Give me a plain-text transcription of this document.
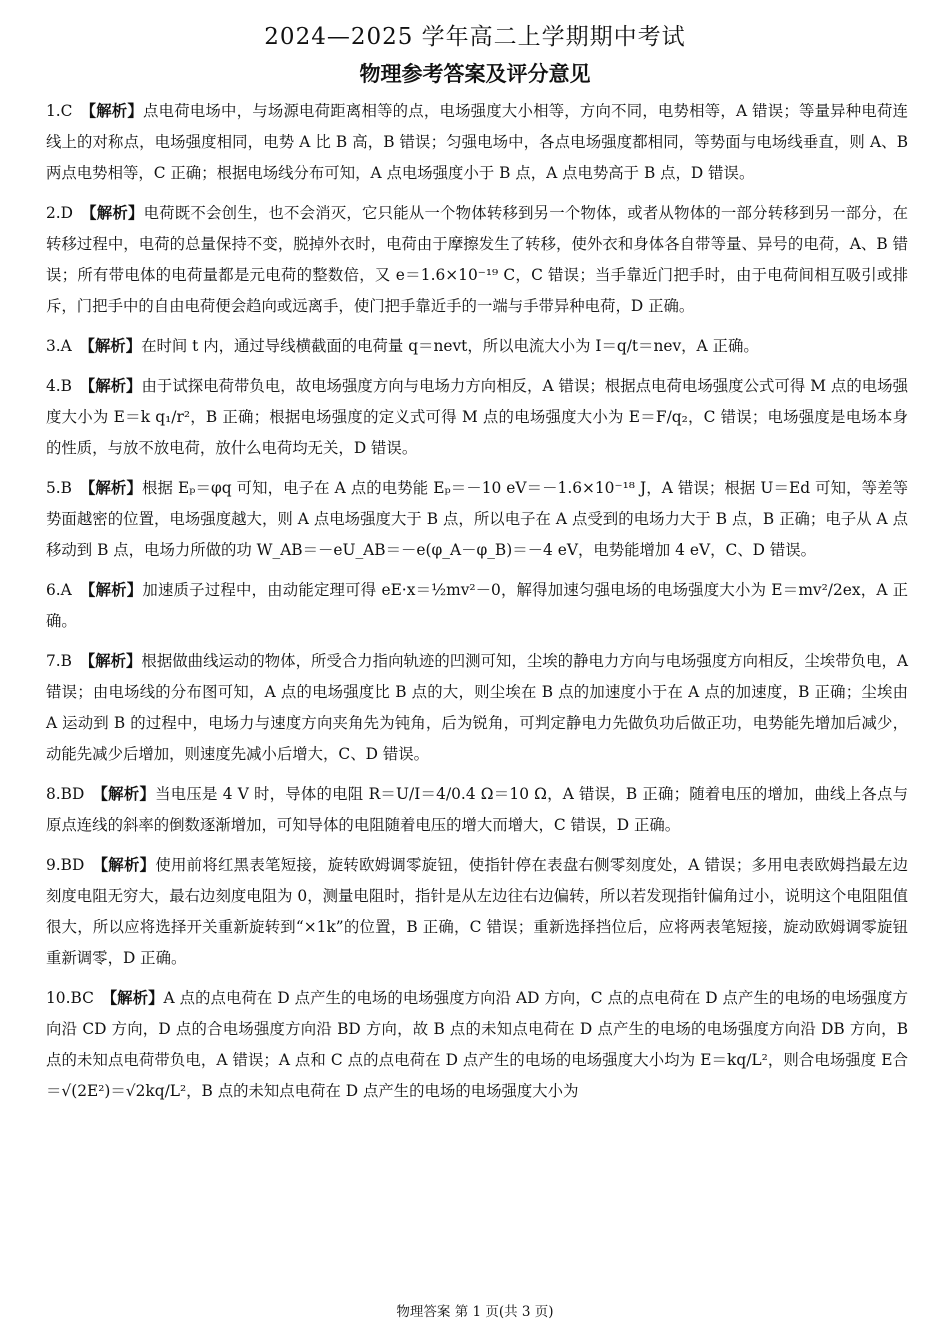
2024—2025 学年高二上学期期中考试
物理参考答案及评分意见

1.C　 【解析】点电荷电场中，与场源电荷距离相等的点，电场强度大小相等，方向不同，电势相等，A 错误；等量异种电荷连线上的对称点，电场强度相同，电势 A 比 B 高，B 错误；匀强电场中，各点电场强度都相同，等势面与电场线垂直，则 A、B 两点电势相等，C 正确；根据电场线分布可知，A 点电场强度小于 B 点，A 点电势高于 B 点，D 错误。

2.D　 【解析】电荷既不会创生，也不会消灭，它只能从一个物体转移到另一个物体，或者从物体的一部分转移到另一部分，在转移过程中，电荷的总量保持不变，脱掉外衣时，电荷由于摩擦发生了转移，使外衣和身体各自带等量、异号的电荷，A、B 错误；所有带电体的电荷量都是元电荷的整数倍，又 e＝1.6×10⁻¹⁹ C，C 错误；当手靠近门把手时，由于电荷间相互吸引或排斥，门把手中的自由电荷便会趋向或远离手，使门把手靠近手的一端与手带异种电荷，D 正确。

3.A　 【解析】在时间 t 内，通过导线横截面的电荷量 q＝nevt，所以电流大小为 I＝q/t＝nev，A 正确。

4.B　 【解析】由于试探电荷带负电，故电场强度方向与电场力方向相反，A 错误；根据点电荷电场强度公式可得 M 点的电场强度大小为 E＝k q₁/r²，B 正确；根据电场强度的定义式可得 M 点的电场强度大小为 E＝F/q₂，C 错误；电场强度是电场本身的性质，与放不放电荷，放什么电荷均无关，D 错误。

5.B　 【解析】根据 Eₚ＝φq 可知，电子在 A 点的电势能 Eₚ＝－10 eV＝－1.6×10⁻¹⁸ J，A 错误；根据 U＝Ed 可知，等差等势面越密的位置，电场强度越大，则 A 点电场强度大于 B 点，所以电子在 A 点受到的电场力大于 B 点，B 正确；电子从 A 点移动到 B 点，电场力所做的功 W_AB＝－eU_AB＝－e(φ_A－φ_B)＝－4 eV，电势能增加 4 eV，C、D 错误。

6.A　 【解析】加速质子过程中，由动能定理可得 eE·x＝½mv²－0，解得加速匀强电场的电场强度大小为 E＝mv²/2ex，A 正确。

7.B　 【解析】根据做曲线运动的物体，所受合力指向轨迹的凹测可知，尘埃的静电力方向与电场强度方向相反，尘埃带负电，A 错误；由电场线的分布图可知，A 点的电场强度比 B 点的大，则尘埃在 B 点的加速度小于在 A 点的加速度，B 正确；尘埃由 A 运动到 B 的过程中，电场力与速度方向夹角先为钝角，后为锐角，可判定静电力先做负功后做正功，电势能先增加后减少，动能先减少后增加，则速度先减小后增大，C、D 错误。

8.BD　 【解析】当电压是 4 V 时，导体的电阻 R＝U/I＝4/0.4 Ω＝10 Ω，A 错误，B 正确；随着电压的增加，曲线上各点与原点连线的斜率的倒数逐渐增加，可知导体的电阻随着电压的增大而增大，C 错误，D 正确。

9.BD　 【解析】使用前将红黑表笔短接，旋转欧姆调零旋钮，使指针停在表盘右侧零刻度处，A 错误；多用电表欧姆挡最左边刻度电阻无穷大，最右边刻度电阻为 0，测量电阻时，指针是从左边往右边偏转，所以若发现指针偏角过小，说明这个电阻阻值很大，所以应将选择开关重新旋转到“×1k”的位置，B 正确，C 错误；重新选择挡位后，应将两表笔短接，旋动欧姆调零旋钮重新调零，D 正确。

10.BC　 【解析】A 点的点电荷在 D 点产生的电场的电场强度方向沿 AD 方向，C 点的点电荷在 D 点产生的电场的电场强度方向沿 CD 方向，D 点的合电场强度方向沿 BD 方向，故 B 点的未知点电荷在 D 点产生的电场的电场强度方向沿 DB 方向，B 点的未知点电荷带负电，A 错误；A 点和 C 点的点电荷在 D 点产生的电场的电场强度大小均为 E＝kq/L²，则合电场强度 E合＝√(2E²)＝√2kq/L²，B 点的未知点电荷在 D 点产生的电场的电场强度大小为

物理答案 第 1 页(共 3 页)
